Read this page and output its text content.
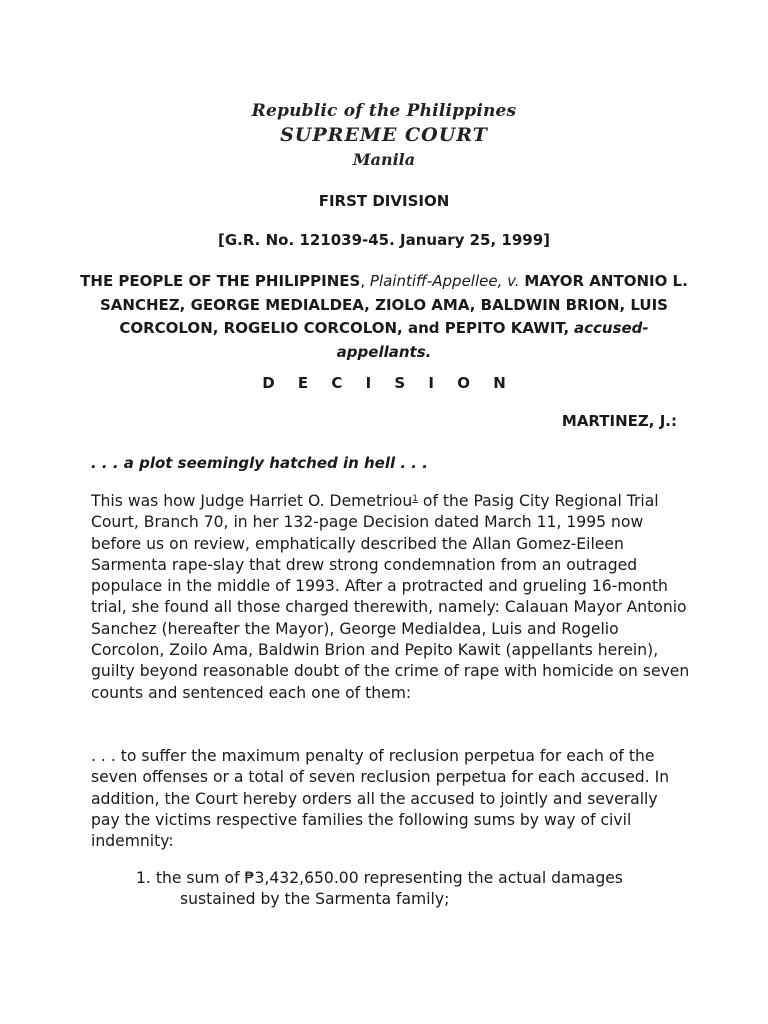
Republic of the Philippines
SUPREME COURT
Manila
FIRST DIVISION
[G.R. No. 121039-45. January 25, 1999]
THE PEOPLE OF THE PHILIPPINES, Plaintiff-Appellee, v. MAYOR ANTONIO L. SANCHEZ, GEORGE MEDIALDEA, ZIOLO AMA, BALDWIN BRION, LUIS CORCOLON, ROGELIO CORCOLON, and PEPITO KAWIT, accused-appellants.
D E C I S I O N
MARTINEZ, J.:
. . . a plot seemingly hatched in hell . . .
This was how Judge Harriet O. Demetriou$^1$ of the Pasig City Regional Trial Court, Branch 70, in her 132-page Decision dated March 11, 1995 now before us on review, emphatically described the Allan Gomez-Eileen Sarmenta rape-slay that drew strong condemnation from an outraged populace in the middle of 1993. After a protracted and grueling 16-month trial, she found all those charged therewith, namely: Calauan Mayor Antonio Sanchez (hereafter the Mayor), George Medialdea, Luis and Rogelio Corcolon, Zoilo Ama, Baldwin Brion and Pepito Kawit (appellants herein), guilty beyond reasonable doubt of the crime of rape with homicide on seven counts and sentenced each one of them:
. . . to suffer the maximum penalty of reclusion perpetua for each of the seven offenses or a total of seven reclusion perpetua for each accused. In addition, the Court hereby orders all the accused to jointly and severally pay the victims respective families the following sums by way of civil indemnity:
1. the sum of ₱3,432,650.00 representing the actual damages
sustained by the Sarmenta family;
